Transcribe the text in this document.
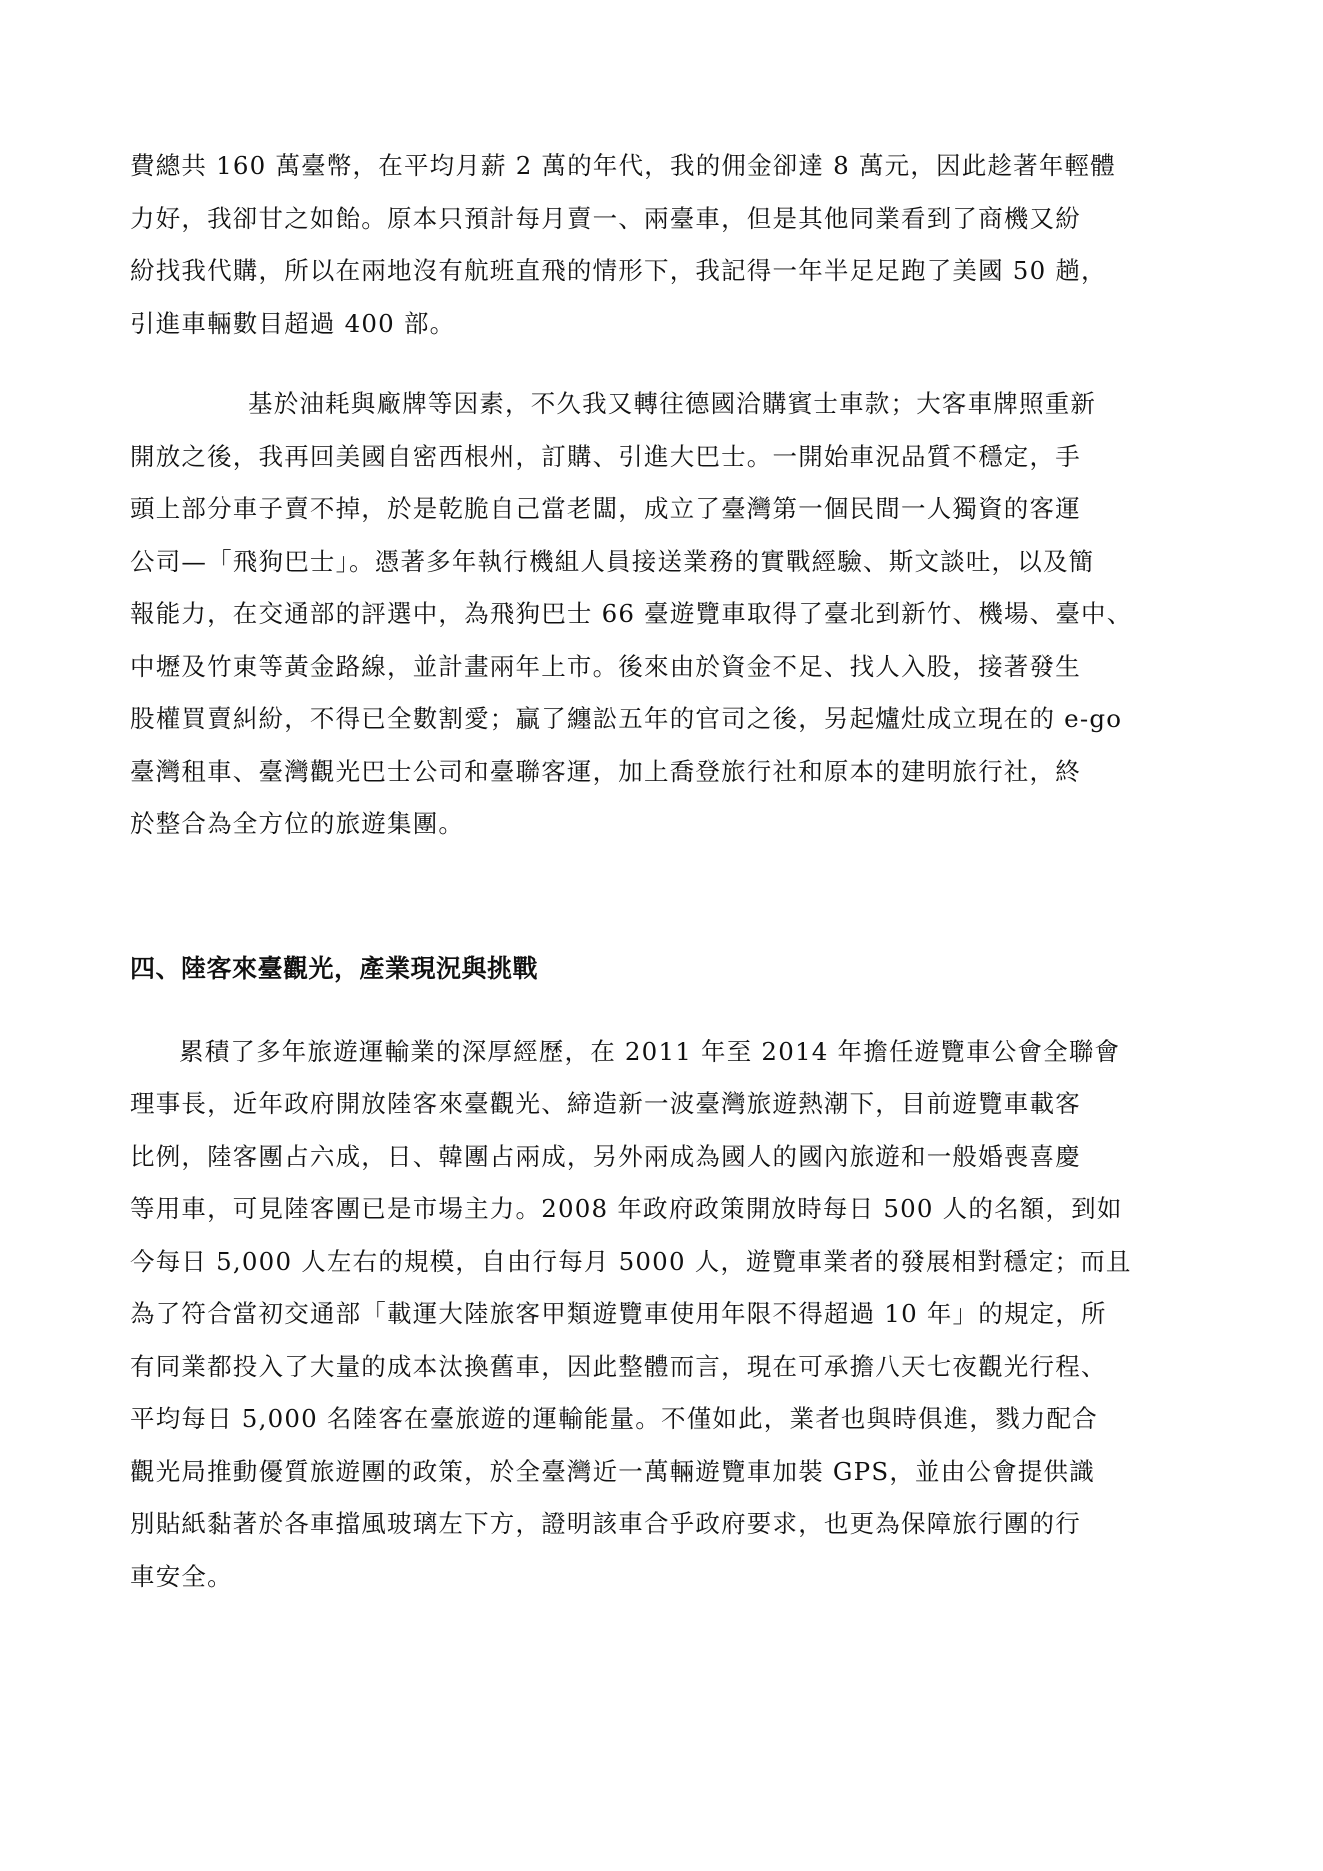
費總共 160 萬臺幣，在平均月薪 2 萬的年代，我的佣金卻達 8 萬元，因此趁著年輕體
力好，我卻甘之如飴。原本只預計每月賣一、兩臺車，但是其他同業看到了商機又紛
紛找我代購，所以在兩地沒有航班直飛的情形下，我記得一年半足足跑了美國 50 趟，
引進車輛數目超過 400 部。

基於油耗與廠牌等因素，不久我又轉往德國洽購賓士車款；大客車牌照重新
開放之後，我再回美國自密西根州，訂購、引進大巴士。一開始車況品質不穩定，手
頭上部分車子賣不掉，於是乾脆自己當老闆，成立了臺灣第一個民間一人獨資的客運
公司—「飛狗巴士」。憑著多年執行機組人員接送業務的實戰經驗、斯文談吐，以及簡
報能力，在交通部的評選中，為飛狗巴士 66 臺遊覽車取得了臺北到新竹、機場、臺中、
中壢及竹東等黃金路線，並計畫兩年上市。後來由於資金不足、找人入股，接著發生
股權買賣糾紛，不得已全數割愛；贏了纏訟五年的官司之後，另起爐灶成立現在的 e-go
臺灣租車、臺灣觀光巴士公司和臺聯客運，加上喬登旅行社和原本的建明旅行社，終
於整合為全方位的旅遊集團。

四、陸客來臺觀光，產業現況與挑戰

累積了多年旅遊運輸業的深厚經歷，在 2011 年至 2014 年擔任遊覽車公會全聯會
理事長，近年政府開放陸客來臺觀光、締造新一波臺灣旅遊熱潮下，目前遊覽車載客
比例，陸客團占六成，日、韓團占兩成，另外兩成為國人的國內旅遊和一般婚喪喜慶
等用車，可見陸客團已是市場主力。2008 年政府政策開放時每日 500 人的名額，到如
今每日 5,000 人左右的規模，自由行每月 5000 人，遊覽車業者的發展相對穩定；而且
為了符合當初交通部「載運大陸旅客甲類遊覽車使用年限不得超過 10 年」的規定，所
有同業都投入了大量的成本汰換舊車，因此整體而言，現在可承擔八天七夜觀光行程、
平均每日 5,000 名陸客在臺旅遊的運輸能量。不僅如此，業者也與時俱進，戮力配合
觀光局推動優質旅遊團的政策，於全臺灣近一萬輛遊覽車加裝 GPS，並由公會提供識
別貼紙黏著於各車擋風玻璃左下方，證明該車合乎政府要求，也更為保障旅行團的行
車安全。
